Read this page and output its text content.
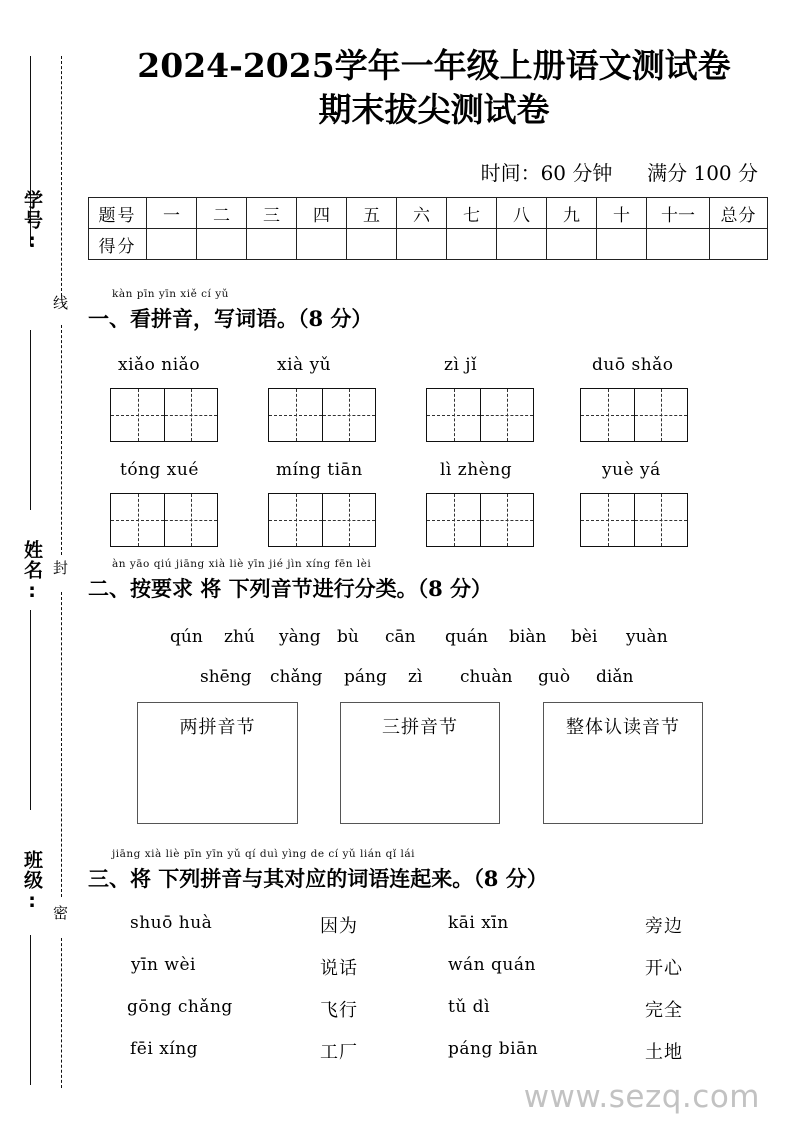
学号:
姓名:
班级:
线
封
密
2024-2025学年一年级上册语文测试卷
期末拔尖测试卷
时间：60 分钟 满分 100 分
题号	一	二	三	四	五	六	七	八	九	十	十一	总分
得分												
kàn pīn yīn xiě cí yǔ
一、看拼音，写词语。（8 分）
xiǎo niǎo	xià yǔ	zì jǐ	duō shǎo
tóng xué	míng tiān	lì zhèng	yuè yá
àn yāo qiú jiāng xià liè yīn jié jìn xíng fēn lèi
二、按要求 将 下列音节进行分类。（8 分）
qún zhú yàng bù cān quán biàn bèi yuàn
shēng chǎng páng zì chuàn guò diǎn
两拼音节	三拼音节	整体认读音节
jiāng xià liè pīn yīn yǔ qí duì yìng de cí yǔ lián qǐ lái
三、将 下列拼音与其对应的词语连起来。（8 分）
shuō huà	因为	kāi xīn	旁边
yīn wèi	说话	wán quán	开心
gōng chǎng	飞行	tǔ dì	完全
fēi xíng	工厂	páng biān	土地
www.sezq.com
